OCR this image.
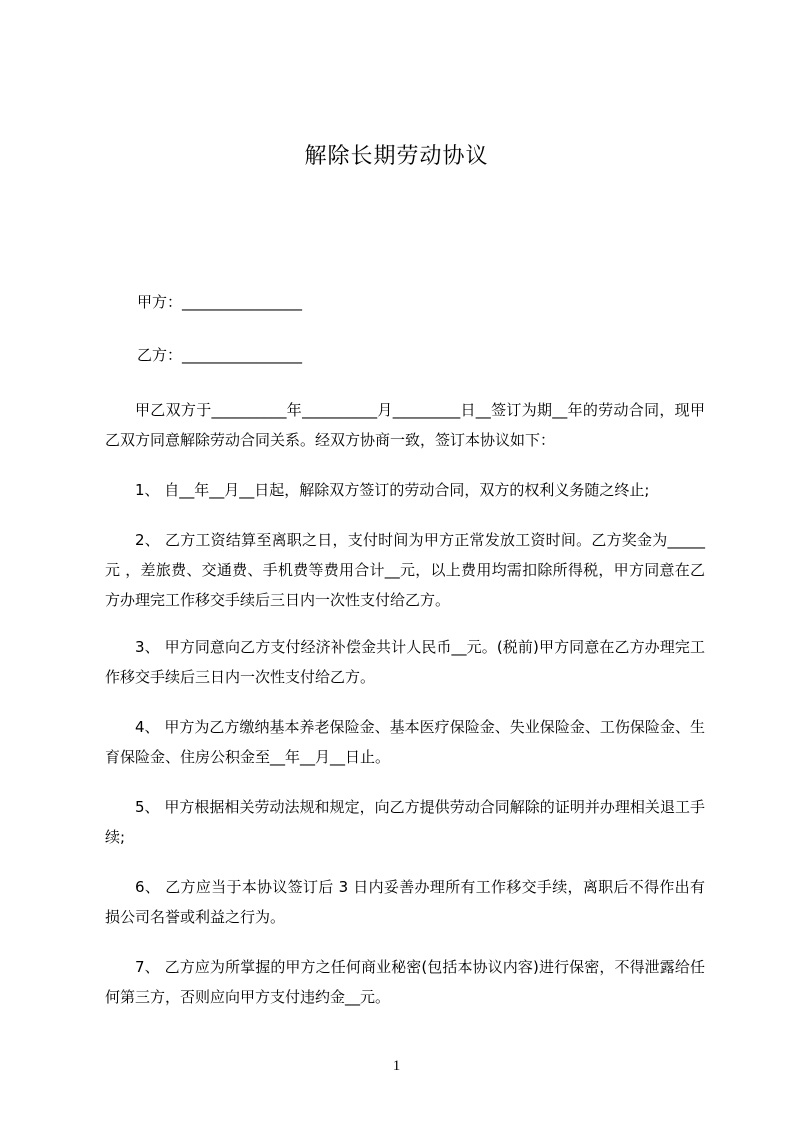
解除长期劳动协议
甲方：________________
乙方：________________
甲乙双方于__________年__________月_________日__签订为期__年的劳动合同，现甲乙双方同意解除劳动合同关系。经双方协商一致，签订本协议如下：
1、 自__年__月__日起，解除双方签订的劳动合同，双方的权利义务随之终止;
2、 乙方工资结算至离职之日，支付时间为甲方正常发放工资时间。乙方奖金为_____元 ，差旅费、交通费、手机费等费用合计__元，以上费用均需扣除所得税，甲方同意在乙方办理完工作移交手续后三日内一次性支付给乙方。
3、 甲方同意向乙方支付经济补偿金共计人民币__元。(税前)甲方同意在乙方办理完工作移交手续后三日内一次性支付给乙方。
4、 甲方为乙方缴纳基本养老保险金、基本医疗保险金、失业保险金、工伤保险金、生育保险金、住房公积金至__年__月__日止。
5、 甲方根据相关劳动法规和规定，向乙方提供劳动合同解除的证明并办理相关退工手续;
6、 乙方应当于本协议签订后 3 日内妥善办理所有工作移交手续，离职后不得作出有损公司名誉或利益之行为。
7、 乙方应为所掌握的甲方之任何商业秘密(包括本协议内容)进行保密，不得泄露给任何第三方，否则应向甲方支付违约金__元。
1
